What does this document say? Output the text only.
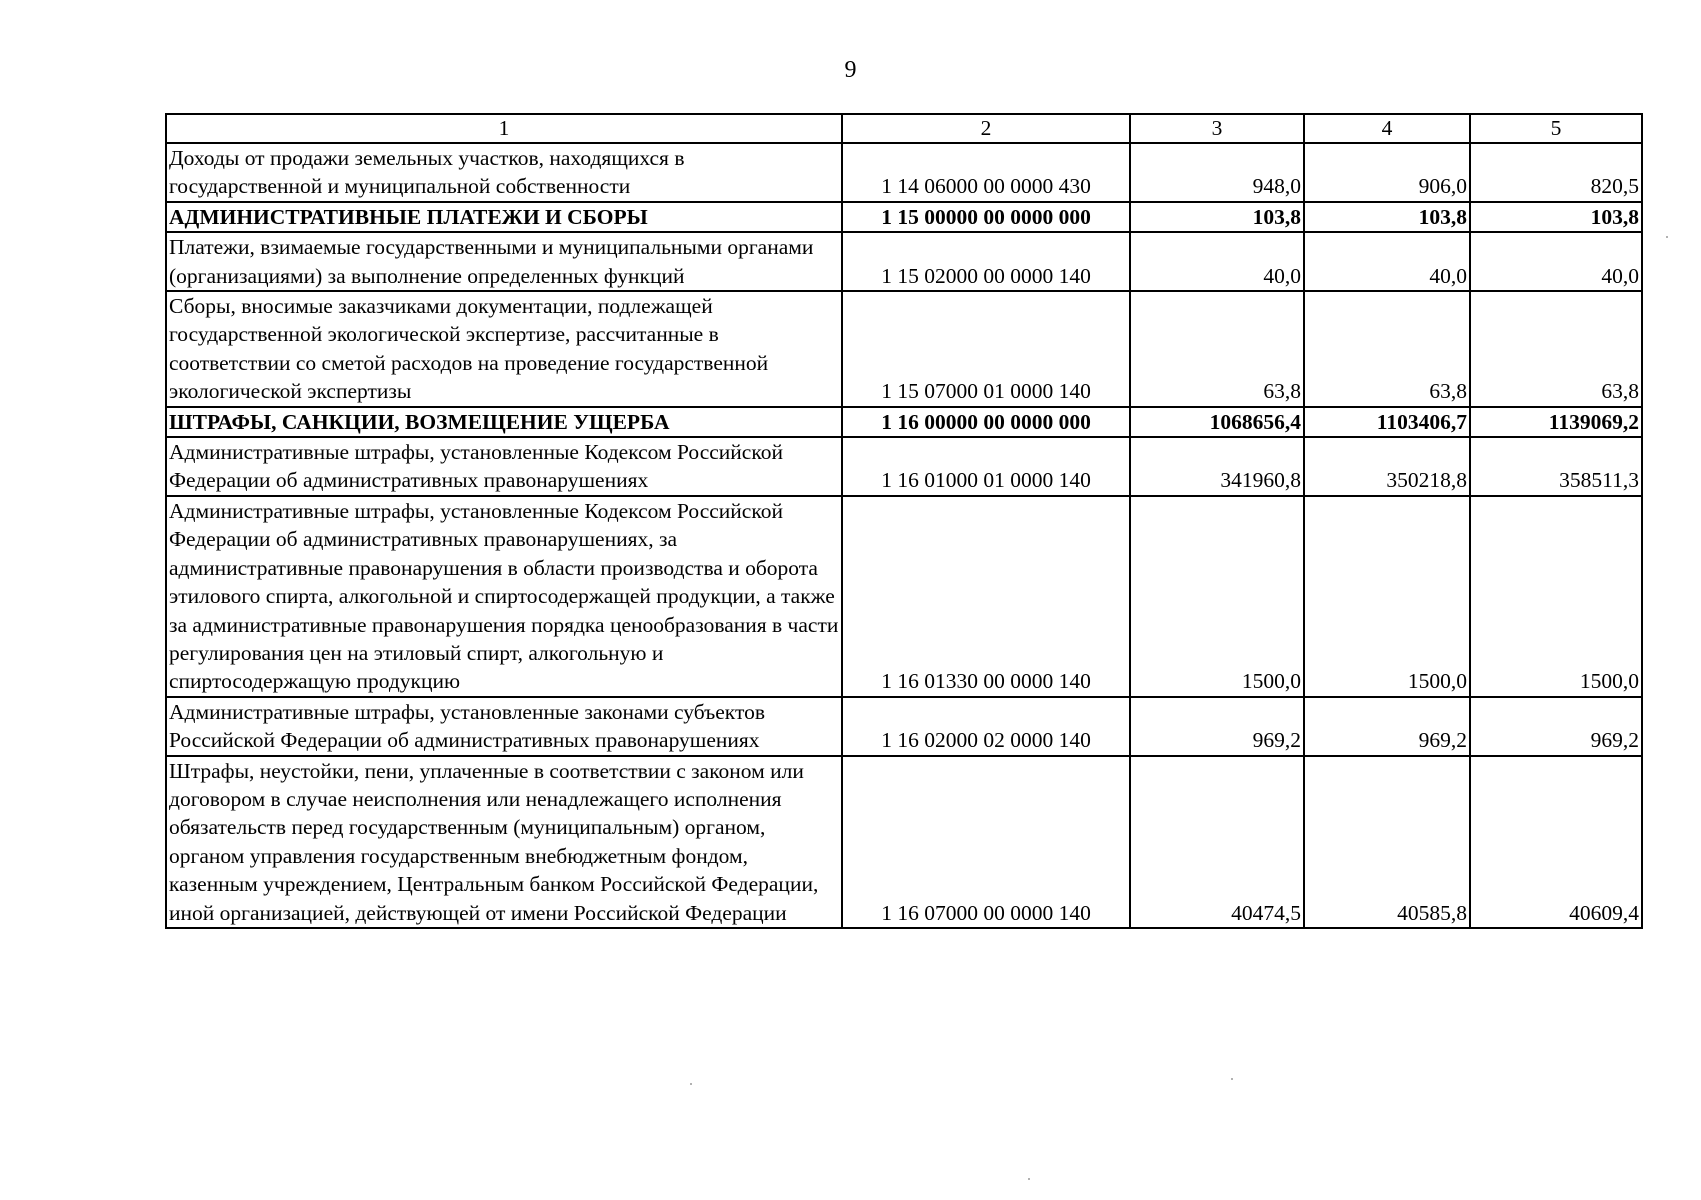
9
1	2	3	4	5
Доходы от продажи земельных участков, находящихся в государственной и муниципальной собственности	1 14 06000 00 0000 430	948,0	906,0	820,5
АДМИНИСТРАТИВНЫЕ ПЛАТЕЖИ И СБОРЫ	1 15 00000 00 0000 000	103,8	103,8	103,8
Платежи, взимаемые государственными и муниципальными органами (организациями) за выполнение определенных функций	1 15 02000 00 0000 140	40,0	40,0	40,0
Сборы, вносимые заказчиками документации, подлежащей государственной экологической экспертизе, рассчитанные в соответствии со сметой расходов на проведение государственной экологической экспертизы	1 15 07000 01 0000 140	63,8	63,8	63,8
ШТРАФЫ, САНКЦИИ, ВОЗМЕЩЕНИЕ УЩЕРБА	1 16 00000 00 0000 000	1068656,4	1103406,7	1139069,2
Административные штрафы, установленные Кодексом Российской Федерации об административных правонарушениях	1 16 01000 01 0000 140	341960,8	350218,8	358511,3
Административные штрафы, установленные Кодексом Российской Федерации об административных правонарушениях, за административные правонарушения в области производства и оборота этилового спирта, алкогольной и спиртосодержащей продукции, а также за административные правонарушения порядка ценообразования в части регулирования цен на этиловый спирт, алкогольную и спиртосодержащую продукцию	1 16 01330 00 0000 140	1500,0	1500,0	1500,0
Административные штрафы, установленные законами субъектов Российской Федерации об административных правонарушениях	1 16 02000 02 0000 140	969,2	969,2	969,2
Штрафы, неустойки, пени, уплаченные в соответствии с законом или договором в случае неисполнения или ненадлежащего исполнения обязательств перед государственным (муниципальным) органом, органом управления государственным внебюджетным фондом, казенным учреждением, Центральным банком Российской Федерации, иной организацией, действующей от имени Российской Федерации	1 16 07000 00 0000 140	40474,5	40585,8	40609,4
